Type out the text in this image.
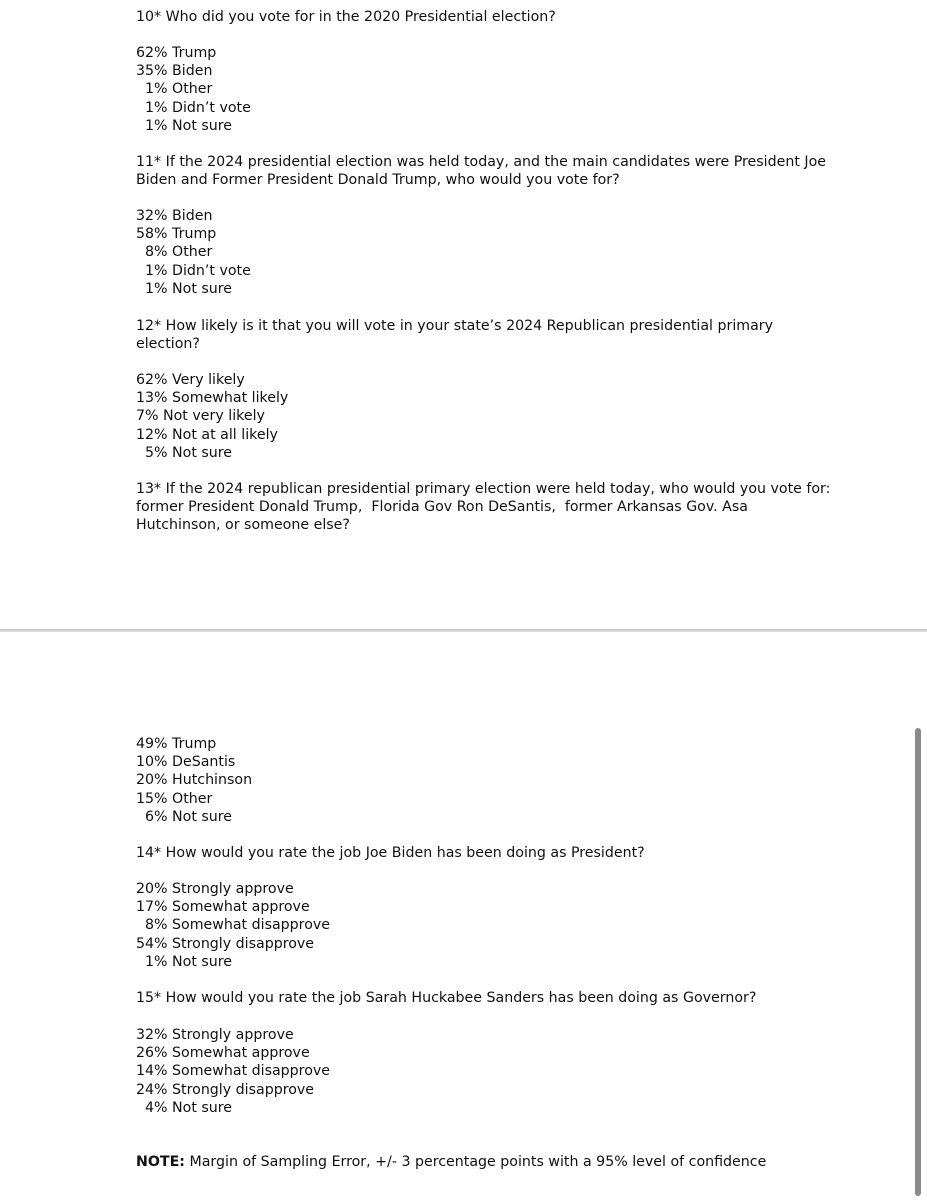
10* Who did you vote for in the 2020 Presidential election?
62% Trump
35% Biden
1% Other
1% Didn’t vote
1% Not sure
11* If the 2024 presidential election was held today, and the main candidates were President Joe
Biden and Former President Donald Trump, who would you vote for?
32% Biden
58% Trump
8% Other
1% Didn’t vote
1% Not sure
12* How likely is it that you will vote in your state’s 2024 Republican presidential primary
election?
62% Very likely
13% Somewhat likely
7% Not very likely
12% Not at all likely
5% Not sure
13* If the 2024 republican presidential primary election were held today, who would you vote for:
former President Donald Trump,  Florida Gov Ron DeSantis,  former Arkansas Gov. Asa
Hutchinson, or someone else?
49% Trump
10% DeSantis
20% Hutchinson
15% Other
6% Not sure
14* How would you rate the job Joe Biden has been doing as President?
20% Strongly approve
17% Somewhat approve
8% Somewhat disapprove
54% Strongly disapprove
1% Not sure
15* How would you rate the job Sarah Huckabee Sanders has been doing as Governor?
32% Strongly approve
26% Somewhat approve
14% Somewhat disapprove
24% Strongly disapprove
4% Not sure
NOTE: Margin of Sampling Error, +/- 3 percentage points with a 95% level of confidence
